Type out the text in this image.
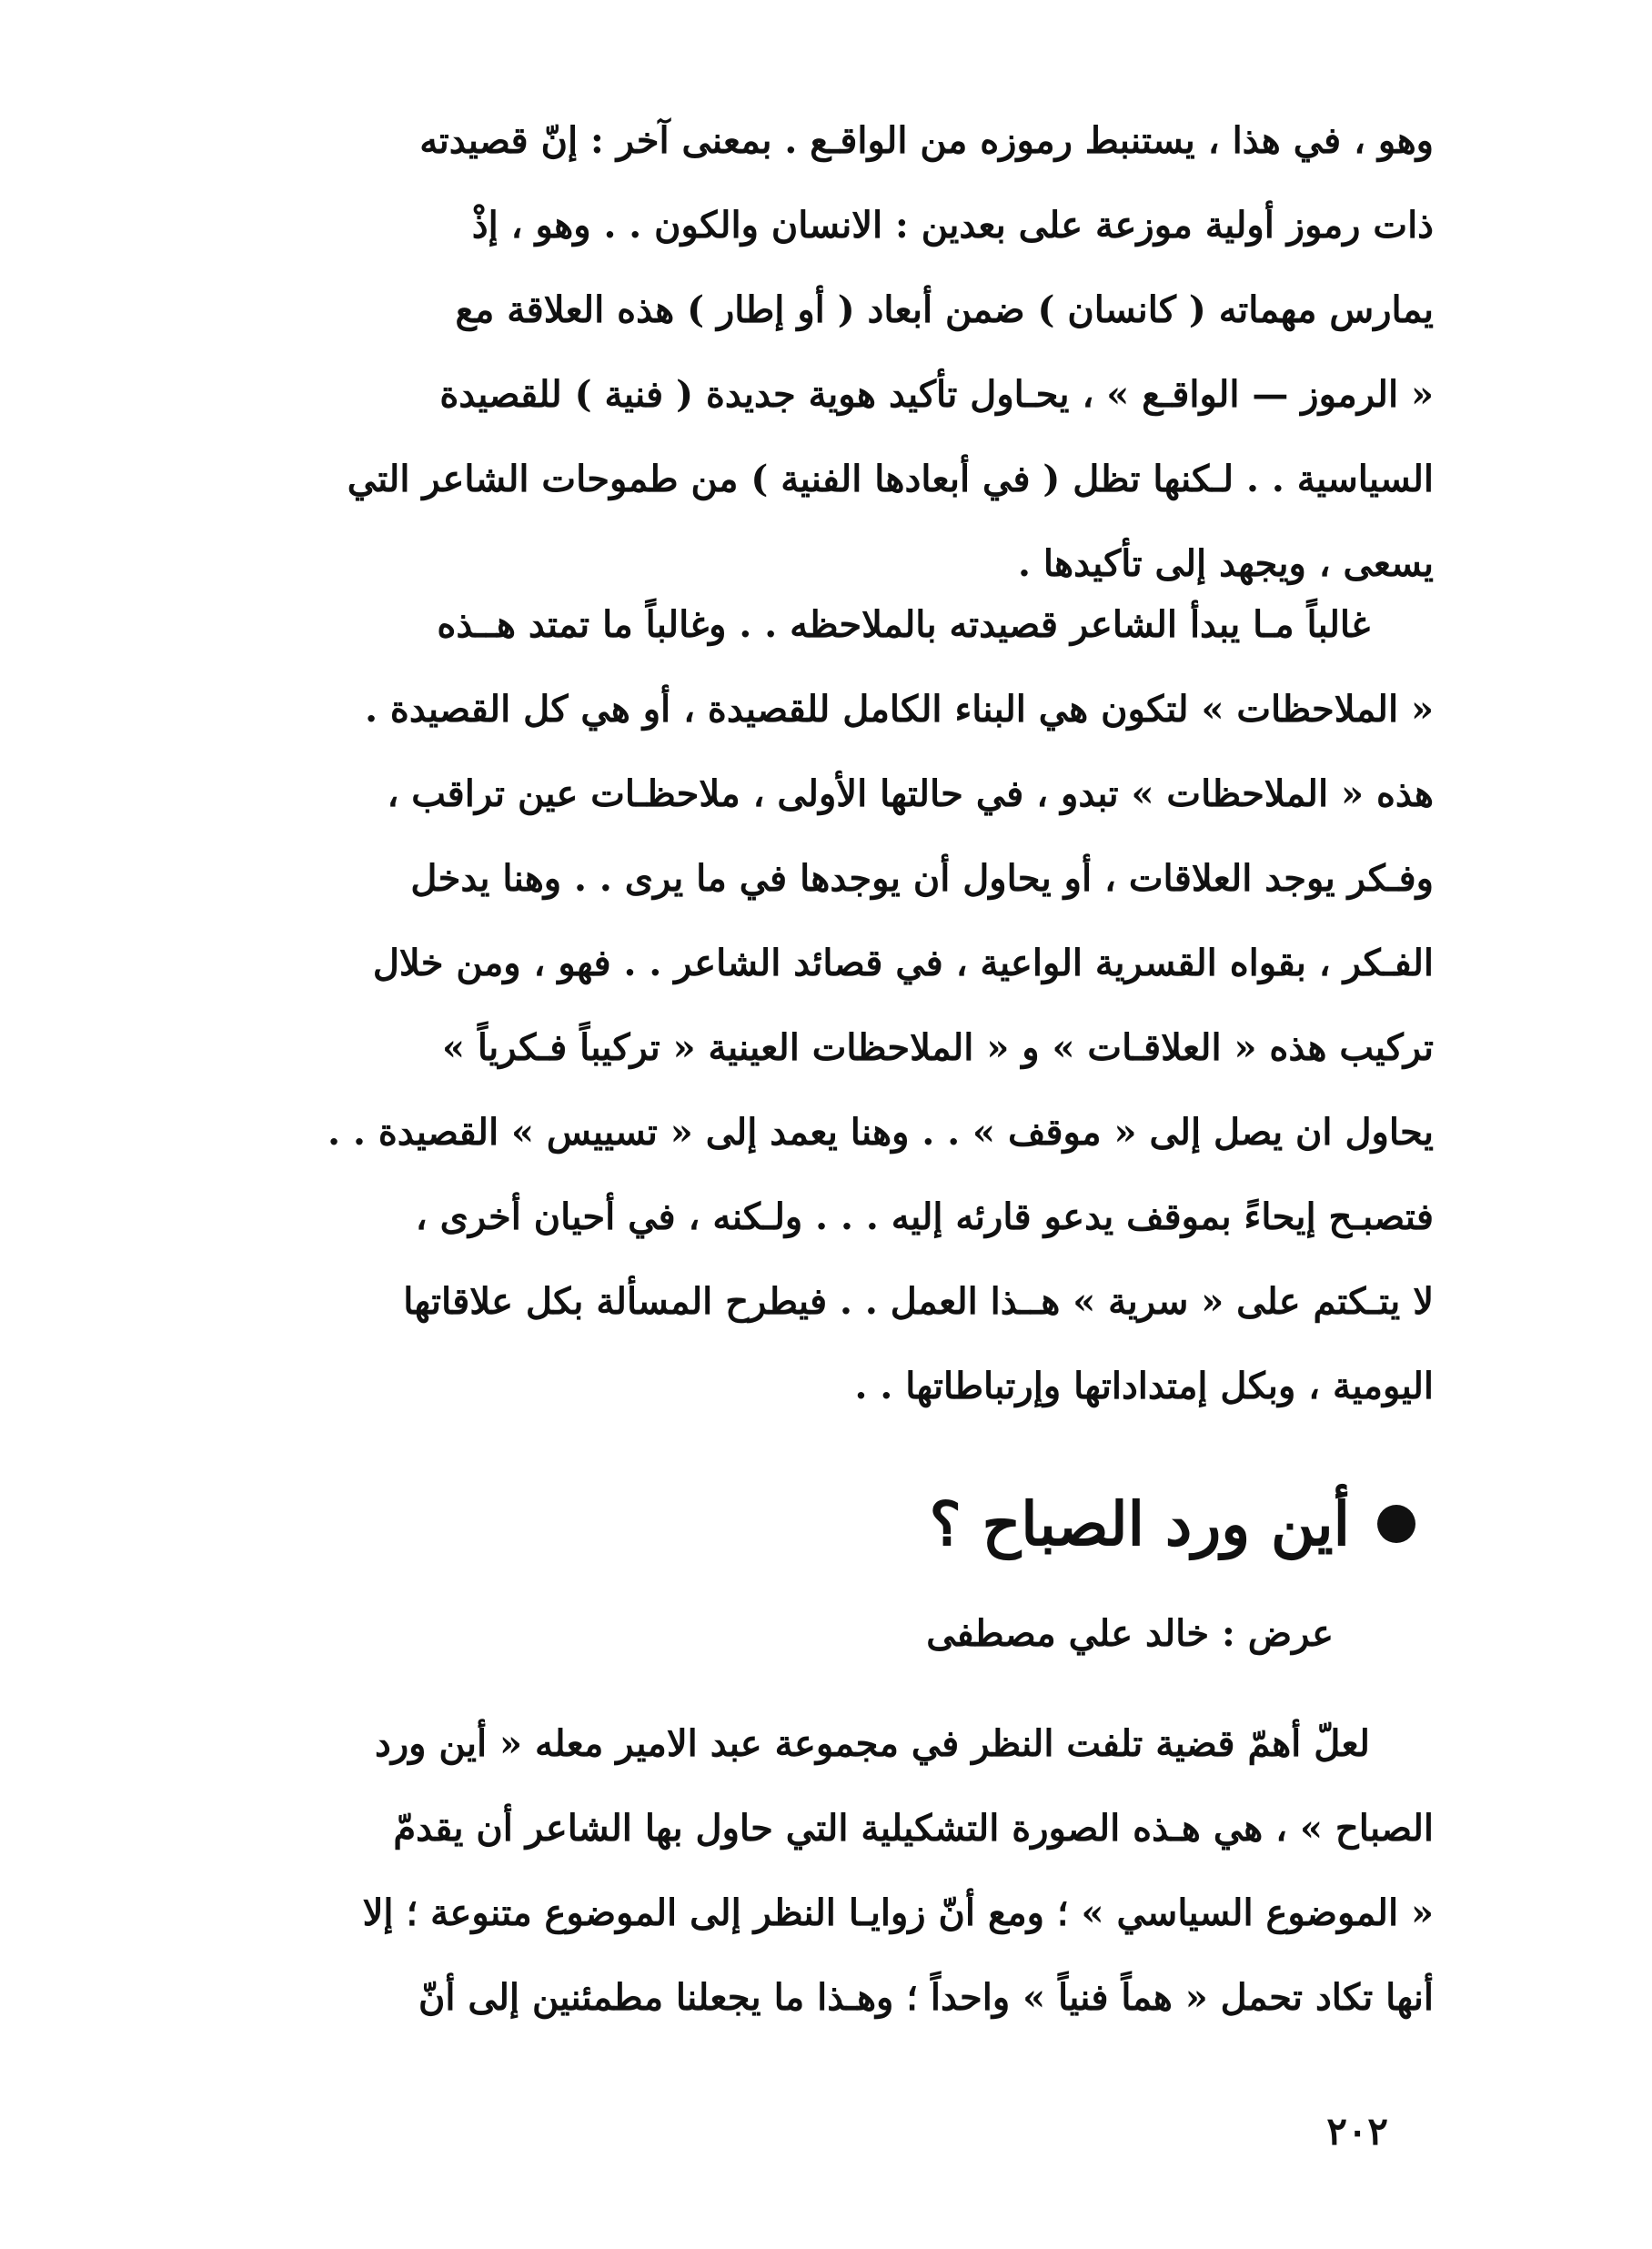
وهو ، في هذا ، يستنبط رموزه من الواقـع . بمعنى آخر : إنّ قصيدته
ذات رموز أولية موزعة على بعدين : الانسان والكون . . وهو ، إذْ
يمارس مهماته ( كانسان ) ضمن أبعاد ( أو إطار ) هذه العلاقة مع
« الرموز — الواقـع » ، يحـاول تأكيد هوية جديدة ( فنية ) للقصيدة
السياسية . . لـكنها تظل ( في أبعادها الفنية ) من طموحات الشاعر التي
يسعى ، ويجهد إلى تأكيدها .
غالباً مـا يبدأ الشاعر قصيدته بالملاحظه . . وغالباً ما تمتد هــذه
« الملاحظات » لتكون هي البناء الكامل للقصيدة ، أو هي كل القصيدة .
هذه « الملاحظات » تبدو ، في حالتها الأولى ، ملاحظـات عين تراقب ،
وفـكر يوجد العلاقات ، أو يحاول أن يوجدها في ما يرى . . وهنا يدخل
الفـكر ، بقواه القسرية الواعية ، في قصائد الشاعر . . فهو ، ومن خلال
تركيب هذه « العلاقـات » و « الملاحظات العينية « تركيباً فـكرياً »
يحاول ان يصل إلى « موقف » . . وهنا يعمد إلى « تسييس » القصيدة . .
فتصبـح إيحاءً بموقف يدعو قارئه إليه . . . ولـكنه ، في أحيان أخرى ،
لا يتـكتم على « سرية » هــذا العمل . . فيطرح المسألة بكل علاقاتها
اليومية ، وبكل إمتداداتها وإرتباطاتها . .
أين ورد الصباح ؟
عرض : خالد علي مصطفى
لعلّ أهمّ قضية تلفت النظر في مجموعة عبد الامير معله « أين ورد
الصباح » ، هي هـذه الصورة التشكيلية التي حاول بها الشاعر أن يقدمّ
« الموضوع السياسي » ؛ ومع أنّ زوايـا النظر إلى الموضوع متنوعة ؛ إلا
أنها تكاد تحمل « هماً فنياً » واحداً ؛ وهـذا ما يجعلنا مطمئنين إلى أنّ
٢٠٢
